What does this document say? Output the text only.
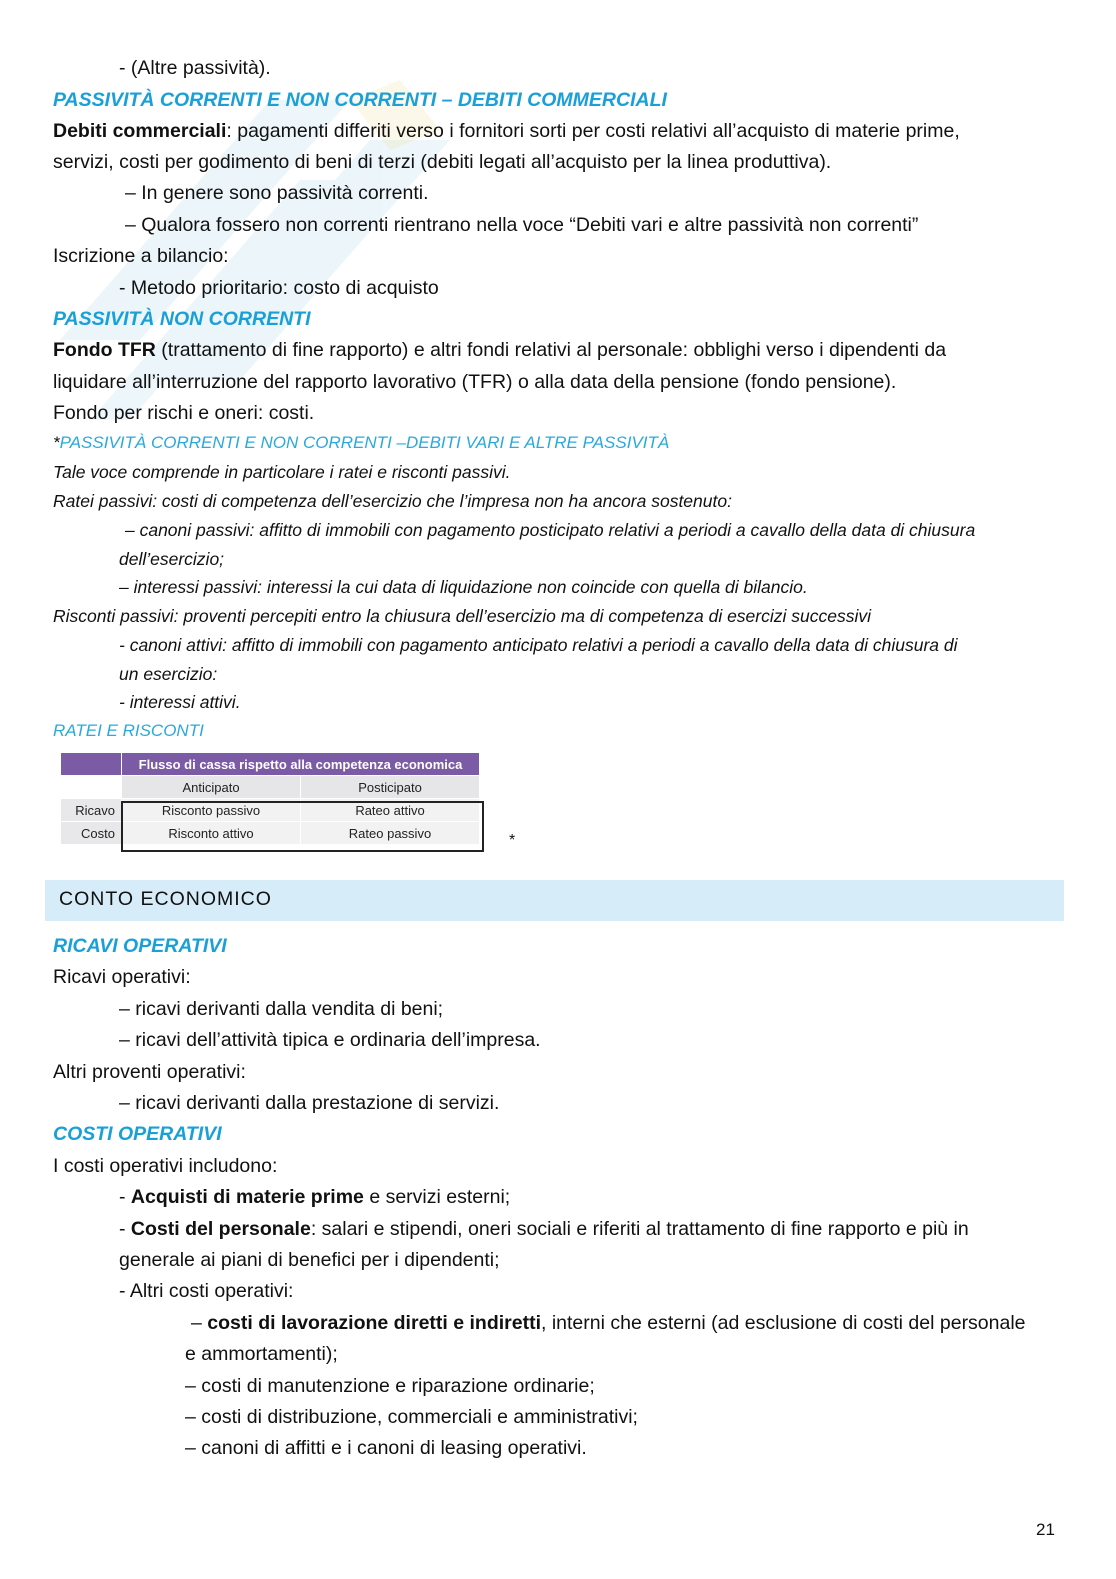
- (Altre passività).
PASSIVITÀ CORRENTI E NON CORRENTI – DEBITI COMMERCIALI
Debiti commerciali: pagamenti differiti verso i fornitori sorti per costi relativi all’acquisto di materie prime,
servizi, costi per godimento di beni di terzi (debiti legati all’acquisto per la linea produttiva).
– In genere sono passività correnti.
– Qualora fossero non correnti rientrano nella voce “Debiti vari e altre passività non correnti”
Iscrizione a bilancio:
- Metodo prioritario: costo di acquisto
PASSIVITÀ NON CORRENTI
Fondo TFR (trattamento di fine rapporto) e altri fondi relativi al personale: obblighi verso i dipendenti da
liquidare all’interruzione del rapporto lavorativo (TFR) o alla data della pensione (fondo pensione).
Fondo per rischi e oneri: costi.
*PASSIVITÀ CORRENTI E NON CORRENTI –DEBITI VARI E ALTRE PASSIVITÀ
Tale voce comprende in particolare i ratei e risconti passivi.
Ratei passivi: costi di competenza dell’esercizio che l’impresa non ha ancora sostenuto:
– canoni passivi: affitto di immobili con pagamento posticipato relativi a periodi a cavallo della data di chiusura
dell’esercizio;
– interessi passivi: interessi la cui data di liquidazione non coincide con quella di bilancio.
Risconti passivi: proventi percepiti entro la chiusura dell’esercizio ma di competenza di esercizi successivi
- canoni attivi: affitto di immobili con pagamento anticipato relativi a periodi a cavallo della data di chiusura di
un esercizio:
- interessi attivi.
RATEI E RISCONTI
	Flusso di cassa rispetto alla competenza economica	
	Anticipato	Posticipato
Ricavo	Risconto passivo	Rateo attivo
Costo	Risconto attivo	Rateo passivo	*
CONTO ECONOMICO
RICAVI OPERATIVI
Ricavi operativi:
– ricavi derivanti dalla vendita di beni;
– ricavi dell’attività tipica e ordinaria dell’impresa.
Altri proventi operativi:
– ricavi derivanti dalla prestazione di servizi.
COSTI OPERATIVI
I costi operativi includono:
- Acquisti di materie prime e servizi esterni;
- Costi del personale: salari e stipendi, oneri sociali e riferiti al trattamento di fine rapporto e più in
generale ai piani di benefici per i dipendenti;
- Altri costi operativi:
– costi di lavorazione diretti e indiretti, interni che esterni (ad esclusione di costi del personale
e ammortamenti);
– costi di manutenzione e riparazione ordinarie;
– costi di distribuzione, commerciali e amministrativi;
– canoni di affitti e i canoni di leasing operativi.
21
